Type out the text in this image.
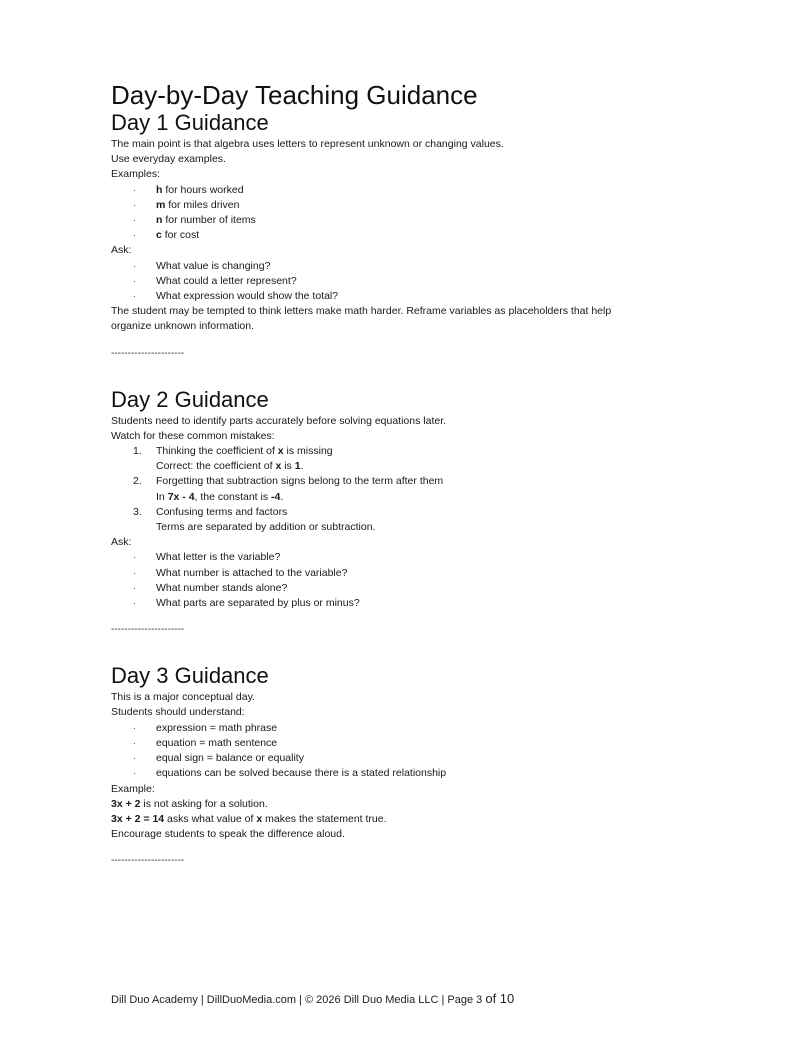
Day-by-Day Teaching Guidance
Day 1 Guidance

The main point is that algebra uses letters to represent unknown or changing values.

Use everyday examples.

Examples:

· h for hours worked

· m for miles driven

· n for number of items

· c for cost

Ask:

· What value is changing?

· What could a letter represent?

· What expression would show the total?

The student may be tempted to think letters make math harder. Reframe variables as placeholders that help

organize unknown information.

----------------------

Day 2 Guidance

Students need to identify parts accurately before solving equations later.

Watch for these common mistakes:

1. Thinking the coefficient of x is missing

Correct: the coefficient of x is 1.

2. Forgetting that subtraction signs belong to the term after them

In 7x - 4, the constant is -4.

3. Confusing terms and factors

Terms are separated by addition or subtraction.

Ask:

· What letter is the variable?

· What number is attached to the variable?

· What number stands alone?

· What parts are separated by plus or minus?

----------------------

Day 3 Guidance

This is a major conceptual day.

Students should understand:

· expression = math phrase

· equation = math sentence

· equal sign = balance or equality

· equations can be solved because there is a stated relationship

Example:

3x + 2 is not asking for a solution.

3x + 2 = 14 asks what value of x makes the statement true.

Encourage students to speak the difference aloud.

----------------------

Dill Duo Academy | DillDuoMedia.com | © 2026 Dill Duo Media LLC | Page 3 of 10
